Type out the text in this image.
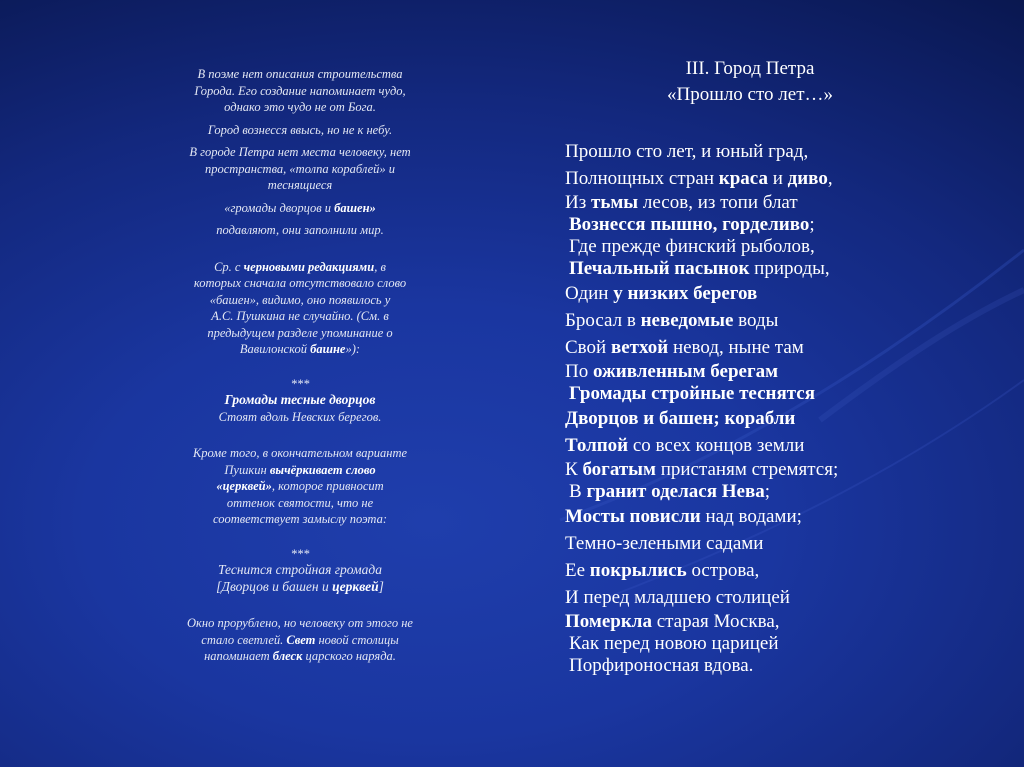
В поэме нет описания строительства

Города. Его создание напоминает чудо,

однако это чудо не от Бога.

Город вознесся ввысь, но не к небу.

В городе Петра нет места человеку, нет

пространства, «толпа кораблей» и

теснящиеся

«громады дворцов и башен»

подавляют, они заполнили мир.

Ср. с черновыми редакциями, в

которых сначала отсутствовало слово

«башен», видимо, оно появилось у

А.С. Пушкина не случайно. (См. в

предыдущем разделе упоминание о

Вавилонской башне»):

***

Громады тесные дворцов

Стоят вдоль Невских берегов.

Кроме того, в окончательном варианте

Пушкин вычёркивает слово

«церквей», которое привносит

оттенок святости, что не

соответствует замыслу поэта:

***

Теснится стройная громада

[Дворцов и башен и церквей]

Окно прорублено, но человеку от этого не

стало светлей. Свет новой столицы

напоминает блеск царского наряда.

III. Город Петра
«Прошло сто лет…»
Прошло сто лет, и юный град,
Полнощных стран краса и диво,
Из тьмы лесов, из топи блат
Вознесся пышно, горделиво;
Где прежде финский рыболов,
Печальный пасынок природы,
Один у низких берегов
Бросал в неведомые воды
Свой ветхой невод, ныне там
По оживленным берегам
Громады стройные теснятся
Дворцов и башен; корабли
Толпой со всех концов земли
К богатым пристаням стремятся;
В гранит оделася Нева;
Мосты повисли над водами;
Темно-зелеными садами
Ее покрылись острова,
И перед младшею столицей
Померкла старая Москва,
Как перед новою царицей
Порфироносная вдова.
